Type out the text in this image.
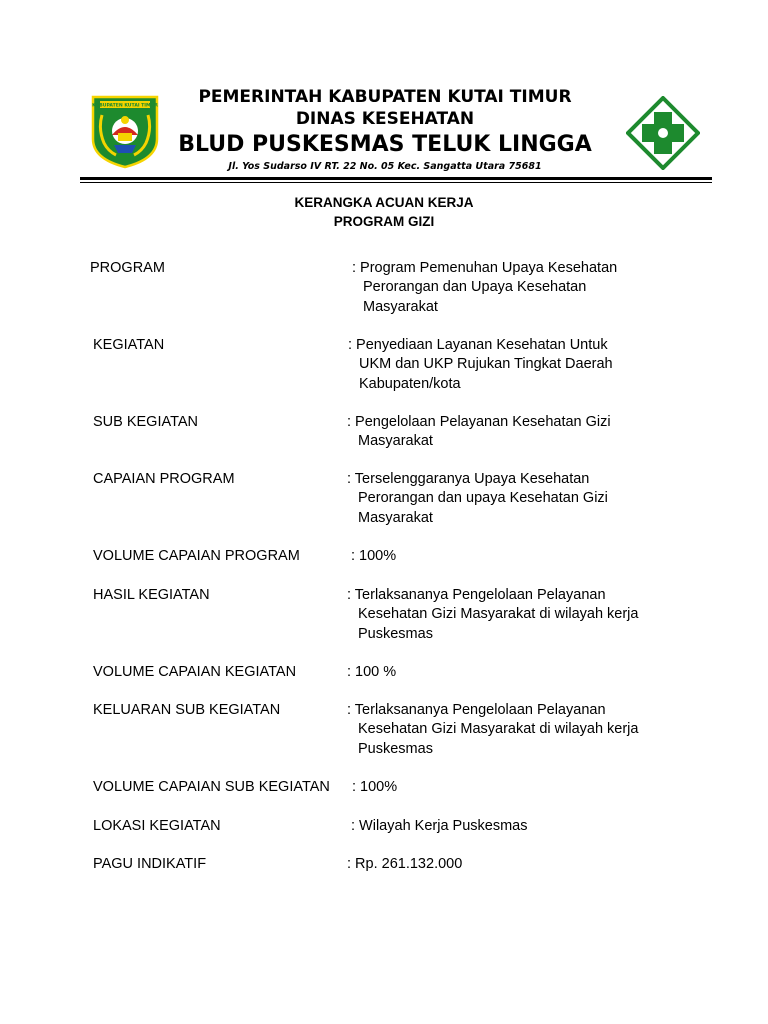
KABUPATEN KUTAI TIMUR	PEMERINTAH KABUPATEN KUTAI TIMUR
DINAS KESEHATAN
BLUD PUSKESMAS TELUK LINGGA
Jl. Yos Sudarso IV RT. 22 No. 05 Kec. Sangatta Utara 75681
KERANGKA ACUAN KERJA
PROGRAM GIZI
PROGRAM	: Program Pemenuhan Upaya Kesehatan
Perorangan dan Upaya Kesehatan
Masyarakat
KEGIATAN	: Penyediaan Layanan Kesehatan Untuk
UKM dan UKP Rujukan Tingkat Daerah
Kabupaten/kota
SUB KEGIATAN	: Pengelolaan Pelayanan Kesehatan Gizi
Masyarakat
CAPAIAN PROGRAM	: Terselenggaranya Upaya Kesehatan
Perorangan dan upaya Kesehatan Gizi
Masyarakat
VOLUME CAPAIAN PROGRAM	: 100%
HASIL KEGIATAN	: Terlaksananya Pengelolaan Pelayanan
Kesehatan Gizi Masyarakat di wilayah kerja
Puskesmas
VOLUME CAPAIAN KEGIATAN	: 100 %
KELUARAN SUB KEGIATAN	: Terlaksananya Pengelolaan Pelayanan
Kesehatan Gizi Masyarakat di wilayah kerja
Puskesmas
VOLUME CAPAIAN SUB KEGIATAN : 100%
LOKASI KEGIATAN	: Wilayah Kerja Puskesmas
PAGU INDIKATIF	: Rp. 261.132.000
